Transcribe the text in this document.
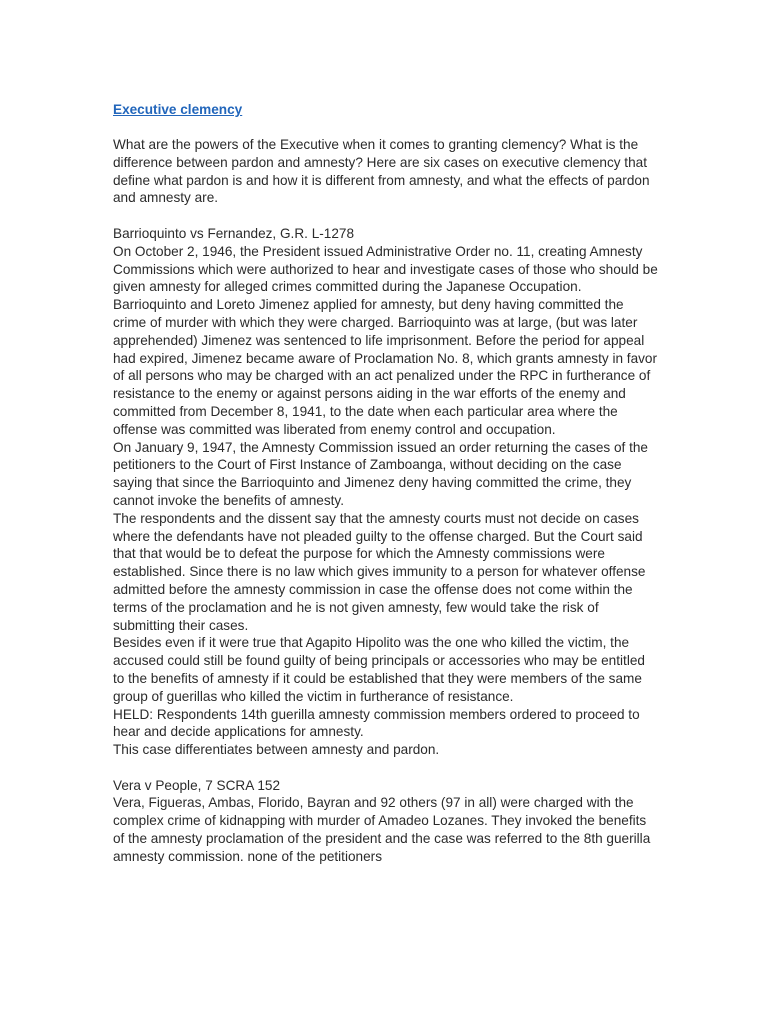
Executive clemency

What are the powers of the Executive when it comes to granting clemency? What is the difference between pardon and amnesty? Here are six cases on executive clemency that define what pardon is and how it is different from amnesty, and what the effects of pardon and amnesty are.

Barrioquinto vs Fernandez, G.R. L-1278

On October 2, 1946, the President issued Administrative Order no. 11, creating Amnesty Commissions which were authorized to hear and investigate cases of those who should be given amnesty for alleged crimes committed during the Japanese Occupation.

Barrioquinto and Loreto Jimenez applied for amnesty, but deny having committed the crime of murder with which they were charged. Barrioquinto was at large, (but was later apprehended) Jimenez was sentenced to life imprisonment. Before the period for appeal had expired, Jimenez became aware of Proclamation No. 8, which grants amnesty in favor of all persons who may be charged with an act penalized under the RPC in furtherance of resistance to the enemy or against persons aiding in the war efforts of the enemy and committed from December 8, 1941, to the date when each particular area where the offense was committed was liberated from enemy control and occupation.

On January 9, 1947, the Amnesty Commission issued an order returning the cases of the petitioners to the Court of First Instance of Zamboanga, without deciding on the case saying that since the Barrioquinto and Jimenez deny having committed the crime, they cannot invoke the benefits of amnesty.

The respondents and the dissent say that the amnesty courts must not decide on cases where the defendants have not pleaded guilty to the offense charged. But the Court said that that would be to defeat the purpose for which the Amnesty commissions were established. Since there is no law which gives immunity to a person for whatever offense admitted before the amnesty commission in case the offense does not come within the terms of the proclamation and he is not given amnesty, few would take the risk of submitting their cases.

Besides even if it were true that Agapito Hipolito was the one who killed the victim, the accused could still be found guilty of being principals or accessories who may be entitled to the benefits of amnesty if it could be established that they were members of the same group of guerillas who killed the victim in furtherance of resistance.

HELD: Respondents 14th guerilla amnesty commission members ordered to proceed to hear and decide applications for amnesty.

This case differentiates between amnesty and pardon.

Vera v People, 7 SCRA 152

Vera, Figueras, Ambas, Florido, Bayran and 92 others (97 in all) were charged with the complex crime of kidnapping with murder of Amadeo Lozanes. They invoked the benefits of the amnesty proclamation of the president and the case was referred to the 8th guerilla amnesty commission. none of the petitioners
